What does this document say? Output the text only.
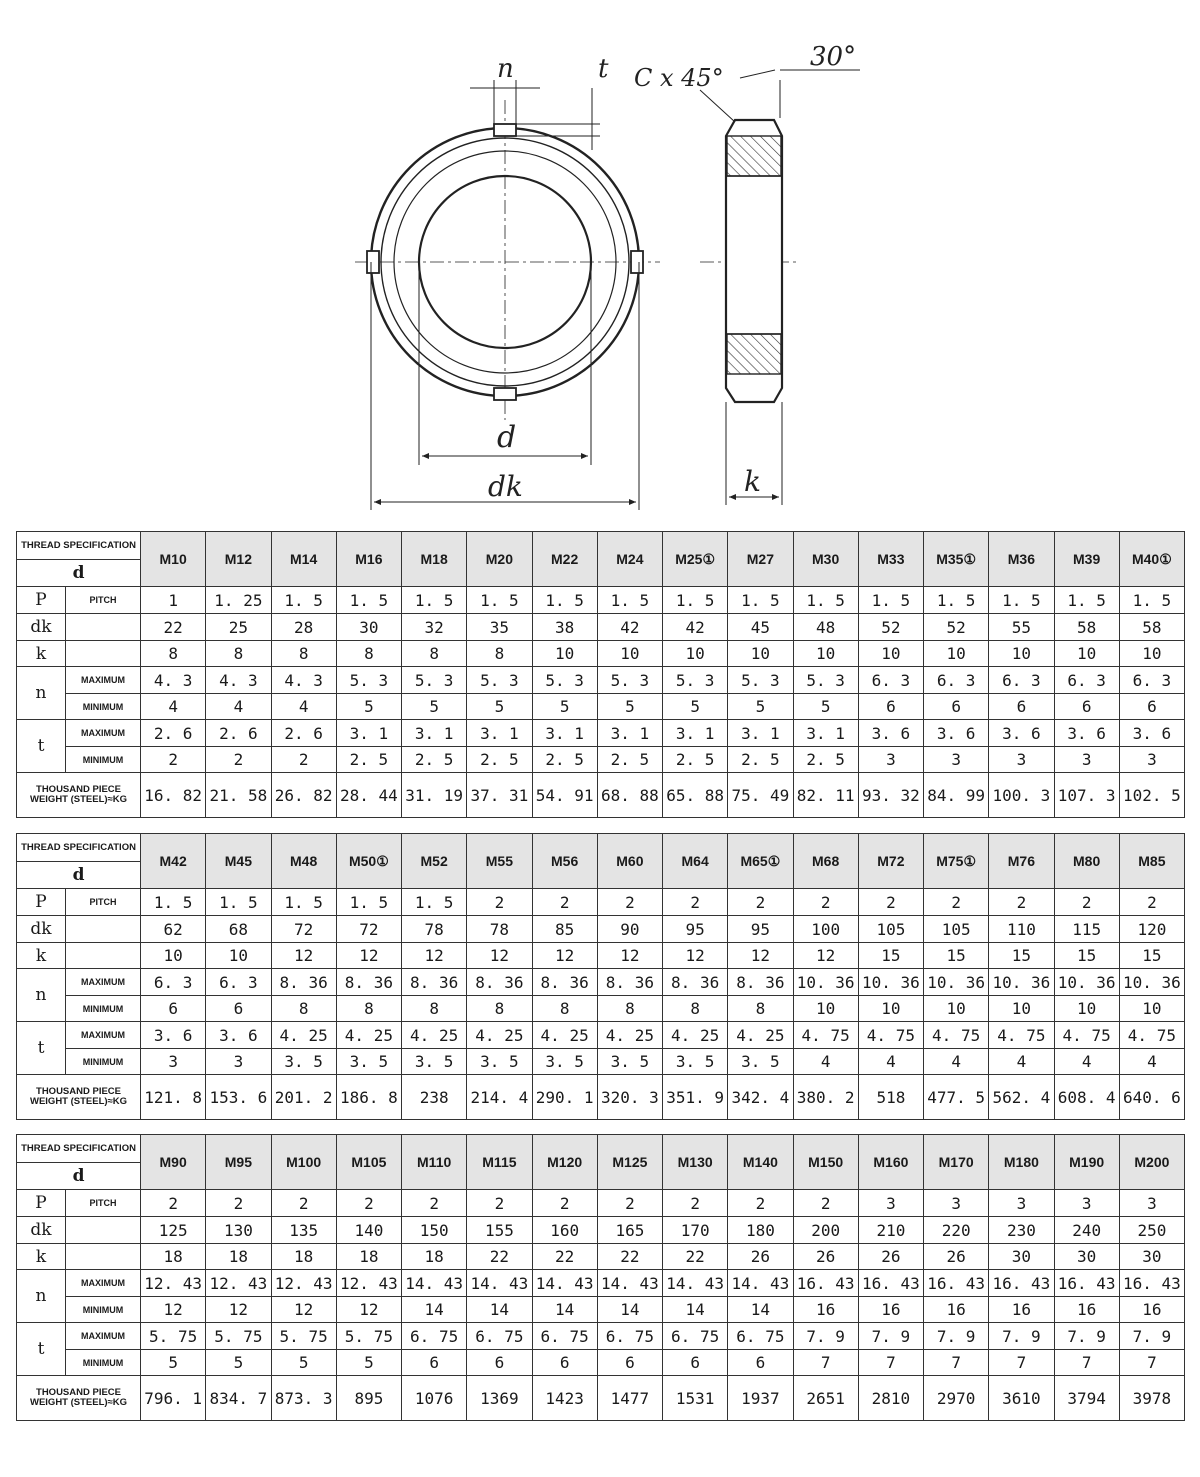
n	t
d
dk
C x 45°
30°
k
THREAD SPECIFICATION		M10	M12	M14	M16	M18	M20	M22	M24	M25①	M27	M30	M33	M35①	M36	M39	M40①
d																	
P	PITCH	1	1. 25	1. 5	1. 5	1. 5	1. 5	1. 5	1. 5	1. 5	1. 5	1. 5	1. 5	1. 5	1. 5	1. 5	1. 5
dk		22	25	28	30	32	35	38	42	42	45	48	52	52	55	58	58
k		8	8	8	8	8	8	10	10	10	10	10	10	10	10	10	10
n	MAXIMUM	4. 3	4. 3	4. 3	5. 3	5. 3	5. 3	5. 3	5. 3	5. 3	5. 3	5. 3	6. 3	6. 3	6. 3	6. 3	6. 3
	MINIMUM	4	4	4	5	5	5	5	5	5	5	5	6	6	6	6	6
t	MAXIMUM	2. 6	2. 6	2. 6	3. 1	3. 1	3. 1	3. 1	3. 1	3. 1	3. 1	3. 1	3. 6	3. 6	3. 6	3. 6	3. 6
	MINIMUM	2	2	2	2. 5	2. 5	2. 5	2. 5	2. 5	2. 5	2. 5	2. 5	3	3	3	3	3
THOUSAND PIECE WEIGHT (STEEL)≈KG		16. 82	21. 58	26. 82	28. 44	31. 19	37. 31	54. 91	68. 88	65. 88	75. 49	82. 11	93. 32	84. 99	100. 3	107. 3	102. 5
THREAD SPECIFICATION		M42	M45	M48	M50①	M52	M55	M56	M60	M64	M65①	M68	M72	M75①	M76	M80	M85
d																	
P	PITCH	1. 5	1. 5	1. 5	1. 5	1. 5	2	2	2	2	2	2	2	2	2	2	2
dk		62	68	72	72	78	78	85	90	95	95	100	105	105	110	115	120
k		10	10	12	12	12	12	12	12	12	12	12	15	15	15	15	15
n	MAXIMUM	6. 3	6. 3	8. 36	8. 36	8. 36	8. 36	8. 36	8. 36	8. 36	8. 36	10. 36	10. 36	10. 36	10. 36	10. 36	10. 36
	MINIMUM	6	6	8	8	8	8	8	8	8	8	10	10	10	10	10	10
t	MAXIMUM	3. 6	3. 6	4. 25	4. 25	4. 25	4. 25	4. 25	4. 25	4. 25	4. 25	4. 75	4. 75	4. 75	4. 75	4. 75	4. 75
	MINIMUM	3	3	3. 5	3. 5	3. 5	3. 5	3. 5	3. 5	3. 5	3. 5	4	4	4	4	4	4
THOUSAND PIECE WEIGHT (STEEL)≈KG		121. 8	153. 6	201. 2	186. 8	238	214. 4	290. 1	320. 3	351. 9	342. 4	380. 2	518	477. 5	562. 4	608. 4	640. 6
THREAD SPECIFICATION		M90	M95	M100	M105	M110	M115	M120	M125	M130	M140	M150	M160	M170	M180	M190	M200
d																	
P	PITCH	2	2	2	2	2	2	2	2	2	2	2	3	3	3	3	3
dk		125	130	135	140	150	155	160	165	170	180	200	210	220	230	240	250
k		18	18	18	18	18	22	22	22	22	26	26	26	26	30	30	30
n	MAXIMUM	12. 43	12. 43	12. 43	12. 43	14. 43	14. 43	14. 43	14. 43	14. 43	14. 43	16. 43	16. 43	16. 43	16. 43	16. 43	16. 43
	MINIMUM	12	12	12	12	14	14	14	14	14	14	16	16	16	16	16	16
t	MAXIMUM	5. 75	5. 75	5. 75	5. 75	6. 75	6. 75	6. 75	6. 75	6. 75	6. 75	7. 9	7. 9	7. 9	7. 9	7. 9	7. 9
	MINIMUM	5	5	5	5	6	6	6	6	6	6	7	7	7	7	7	7
THOUSAND PIECE WEIGHT (STEEL)≈KG		796. 1	834. 7	873. 3	895	1076	1369	1423	1477	1531	1937	2651	2810	2970	3610	3794	3978
